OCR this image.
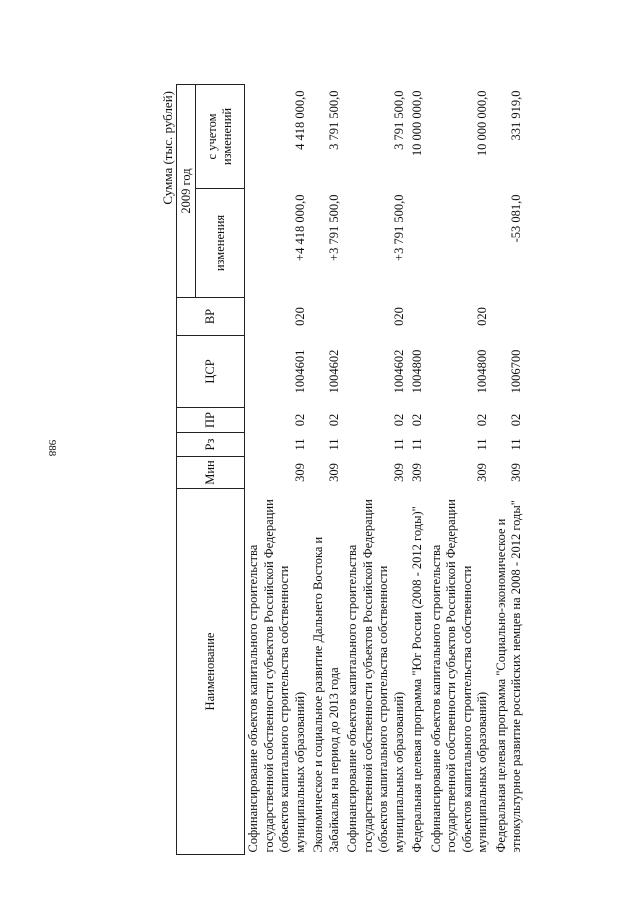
988
Сумма (тыс. рублей)
Наименование	Мин	Рз	ПР	ЦСР	ВР	2009 год	
						изменения	с учетом изменений
Софинансирование объектов капитального строительства государственной собственности субъектов Российской Федерации (объектов капитального строительства собственности муниципальных образований)	309	11	02	1004601	020	+4 418 000,0	4 418 000,0
Экономическое и социальное развитие Дальнего Востока и Забайкалья на период до 2013 года	309	11	02	1004602		+3 791 500,0	3 791 500,0
Софинансирование объектов капитального строительства государственной собственности субъектов Российской Федерации (объектов капитального строительства собственности муниципальных образований)	309	11	02	1004602	020	+3 791 500,0	3 791 500,0
Федеральная целевая программа "Юг России (2008 - 2012 годы)"	309	11	02	1004800			10 000 000,0
Софинансирование объектов капитального строительства государственной собственности субъектов Российской Федерации (объектов капитального строительства собственности муниципальных образований)	309	11	02	1004800	020		10 000 000,0
Федеральная целевая программа "Социально-экономическое и этнокультурное развитие российских немцев на 2008 - 2012 годы"	309	11	02	1006700		-53 081,0	331 919,0
